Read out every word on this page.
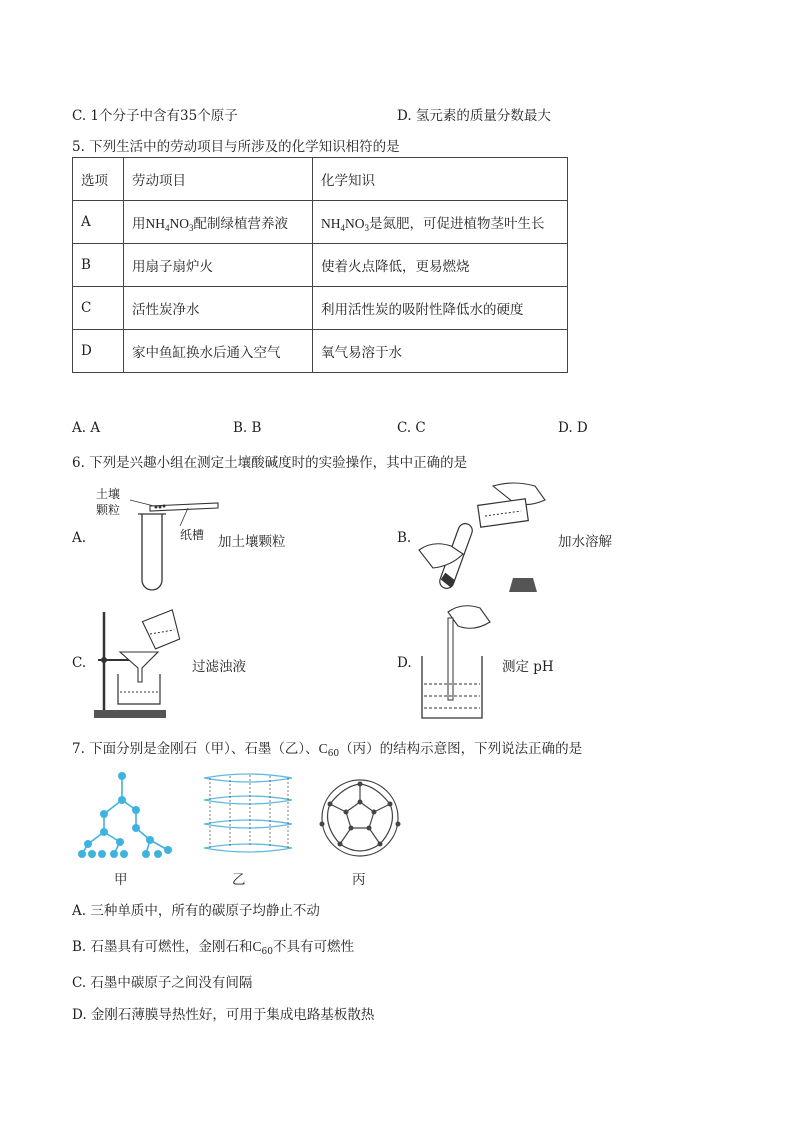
C. 1个分子中含有35个原子	D. 氢元素的质量分数最大
5. 下列生活中的劳动项目与所涉及的化学知识相符的是
选项	劳动项目	化学知识
A	用$NH_4NO_3$配制绿植营养液	$NH_4NO_3$是氮肥，可促进植物茎叶生长
B	用扇子扇炉火	使着火点降低，更易燃烧
C	活性炭净水	利用活性炭的吸附性降低水的硬度
D	家中鱼缸换水后通入空气	氧气易溶于水
A. A	B. B	C. C	D. D
6. 下列是兴趣小组在测定土壤酸碱度时的实验操作，其中正确的是
A.
土壤
颗粒
纸槽 加土壤颗粒	B.	加水溶解
C.	过滤浊液	D.	测定 pH
7. 下面分别是金刚石（甲）、石墨（乙）、$C_{60}$（丙）的结构示意图，下列说法正确的是
甲	乙	丙
A. 三种单质中，所有的碳原子均静止不动
B. 石墨具有可燃性，金刚石和$C_{60}$不具有可燃性
C. 石墨中碳原子之间没有间隔
D. 金刚石薄膜导热性好，可用于集成电路基板散热
